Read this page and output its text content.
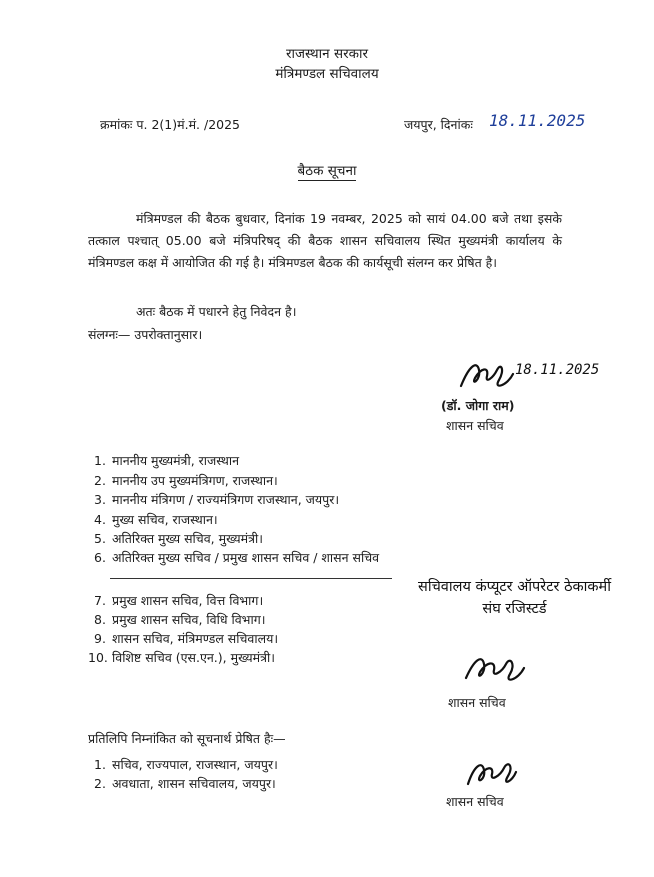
राजस्थान सरकार
मंत्रिमण्डल सचिवालय
क्रमांकः प. 2(1)मं.मं. /2025	जयपुर, दिनांकः 18.11.2025
बैठक सूचना
मंत्रिमण्डल की बैठक बुधवार, दिनांक 19 नवम्बर, 2025 को सायं 04.00 बजे तथा इसके तत्काल पश्चात् 05.00 बजे मंत्रिपरिषद् की बैठक शासन सचिवालय स्थित मुख्यमंत्री कार्यालय के मंत्रिमण्डल कक्ष में आयोजित की गई है। मंत्रिमण्डल बैठक की कार्यसूची संलग्न कर प्रेषित है।
अतः बैठक में पधारने हेतु निवेदन है।
संलग्नः— उपरोक्तानुसार।
18.11.2025
(डॉ. जोगा राम)
शासन सचिव
1. माननीय मुख्यमंत्री, राजस्थान
2. माननीय उप मुख्यमंत्रिगण, राजस्थान।
3. माननीय मंत्रिगण / राज्यमंत्रिगण राजस्थान, जयपुर।
4. मुख्य सचिव, राजस्थान।
5. अतिरिक्त मुख्य सचिव, मुख्यमंत्री।
6. अतिरिक्त मुख्य सचिव / प्रमुख शासन सचिव / शासन सचिव
सचिवालय कंप्यूटर ऑपरेटर ठेकाकर्मी
संघ रजिस्टर्ड
7. प्रमुख शासन सचिव, वित्त विभाग।
8. प्रमुख शासन सचिव, विधि विभाग।
9. शासन सचिव, मंत्रिमण्डल सचिवालय।
10. विशिष्ट सचिव (एस.एन.), मुख्यमंत्री।
शासन सचिव
प्रतिलिपि निम्नांकित को सूचनार्थ प्रेषित हैः—
1. सचिव, राज्यपाल, राजस्थान, जयपुर।
2. अवधाता, शासन सचिवालय, जयपुर।
शासन सचिव
